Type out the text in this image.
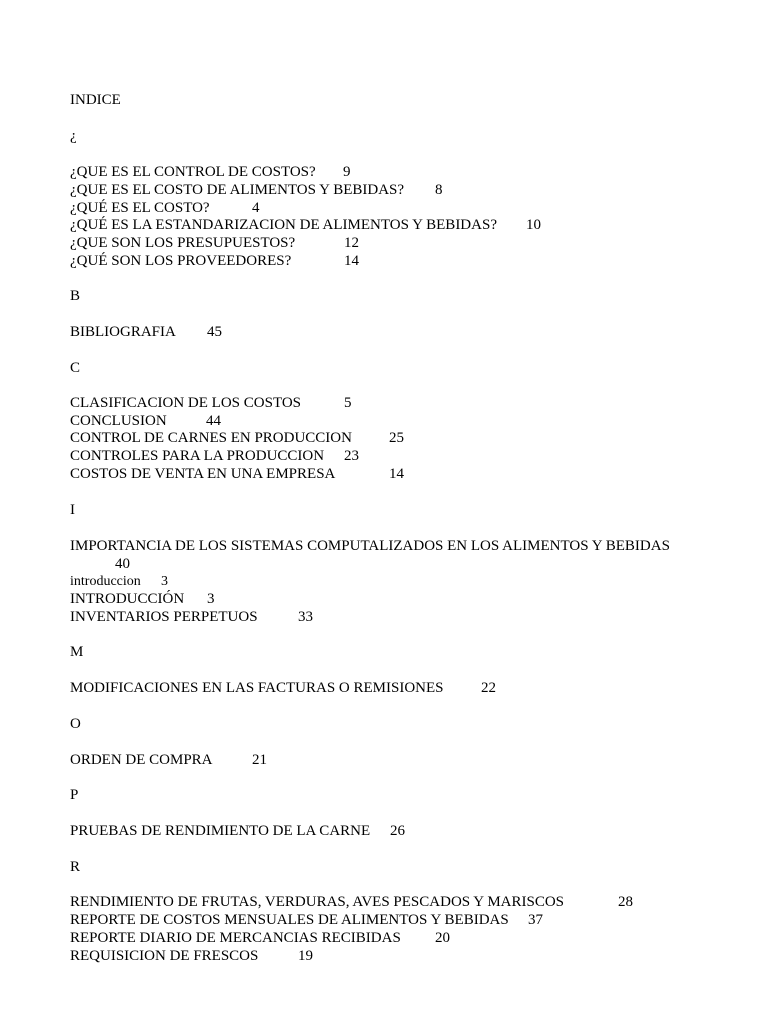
INDICE
¿
¿QUE ES EL CONTROL DE COSTOS? 9
¿QUE ES EL COSTO DE ALIMENTOS Y BEBIDAS? 8
¿QUÉ ES EL COSTO?	4
¿QUÉ ES LA ESTANDARIZACION DE ALIMENTOS Y BEBIDAS? 10
¿QUE SON LOS PRESUPUESTOS?	12
¿QUÉ SON LOS PROVEEDORES?	14
B
BIBLIOGRAFIA 45
C
CLASIFICACION DE LOS COSTOS	5
CONCLUSION	44
CONTROL DE CARNES EN PRODUCCION 25
CONTROLES PARA LA PRODUCCION 23
COSTOS DE VENTA EN UNA EMPRESA	14
I
IMPORTANCIA DE LOS SISTEMAS COMPUTALIZADOS EN LOS ALIMENTOS Y BEBIDAS
40
introduccion 3
INTRODUCCIÓN 3
INVENTARIOS PERPETUOS	33
M
MODIFICACIONES EN LAS FACTURAS O REMISIONES 22
O
ORDEN DE COMPRA	21
P
PRUEBAS DE RENDIMIENTO DE LA CARNE 26
R
RENDIMIENTO DE FRUTAS, VERDURAS, AVES PESCADOS Y MARISCOS	28
REPORTE DE COSTOS MENSUALES DE ALIMENTOS Y BEBIDAS 37
REPORTE DIARIO DE MERCANCIAS RECIBIDAS 20
REQUISICION DE FRESCOS	19
